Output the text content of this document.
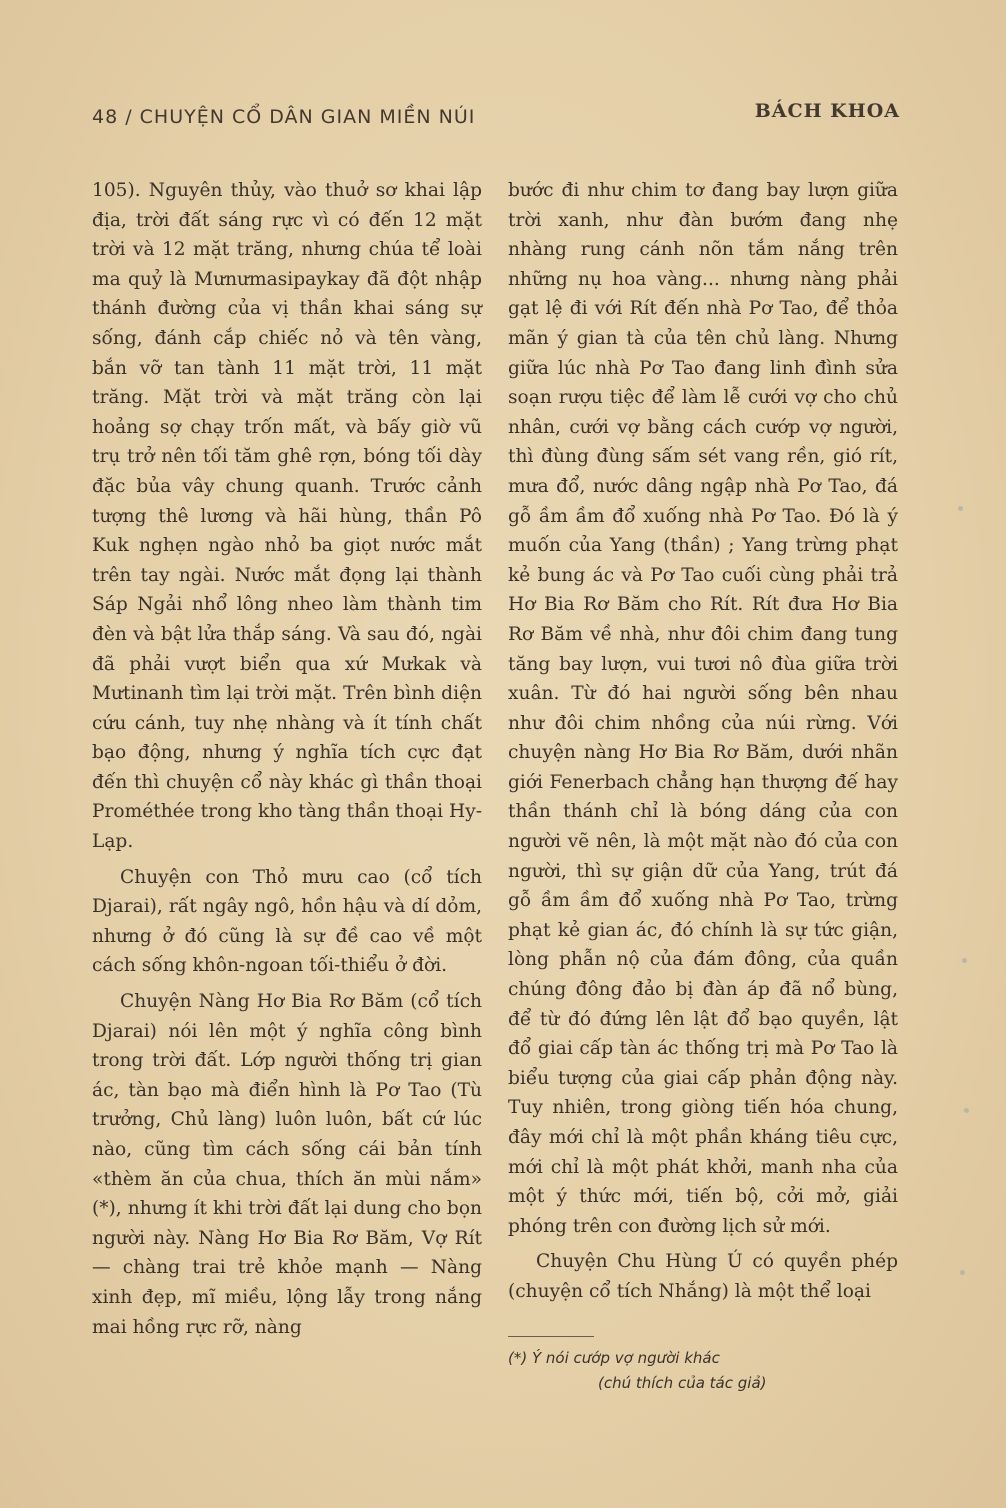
48 / CHUYỆN CỔ DÂN GIAN MIỀN NÚI	BÁCH KHOA

105). Nguyên thủy, vào thuở sơ khai lập địa, trời đất sáng rực vì có đến 12 mặt trời và 12 mặt trăng, nhưng chúa tể loài ma quỷ là Mưnưmasipaykay đã đột nhập thánh đường của vị thần khai sáng sự sống, đánh cắp chiếc nỏ và tên vàng, bắn vỡ tan tành 11 mặt trời, 11 mặt trăng. Mặt trời và mặt trăng còn lại hoảng sợ chạy trốn mất, và bấy giờ vũ trụ trở nên tối tăm ghê rợn, bóng tối dày đặc bủa vây chung quanh. Trước cảnh tượng thê lương và hãi hùng, thần Pô Kuk nghẹn ngào nhỏ ba giọt nước mắt trên tay ngài. Nước mắt đọng lại thành Sáp Ngải nhổ lông nheo làm thành tim đèn và bật lửa thắp sáng. Và sau đó, ngài đã phải vượt biển qua xứ Mưkak và Mưtinanh tìm lại trời mặt. Trên bình diện cứu cánh, tuy nhẹ nhàng và ít tính chất bạo động, nhưng ý nghĩa tích cực đạt đến thì chuyện cổ này khác gì thần thoại Prométhée trong kho tàng thần thoại Hy-Lạp.

Chuyện con Thỏ mưu cao (cổ tích Djarai), rất ngây ngô, hồn hậu và dí dỏm, nhưng ở đó cũng là sự đề cao về một cách sống khôn-ngoan tối-thiểu ở đời.

Chuyện Nàng Hơ Bia Rơ Băm (cổ tích Djarai) nói lên một ý nghĩa công bình trong trời đất. Lớp người thống trị gian ác, tàn bạo mà điển hình là Pơ Tao (Tù trưởng, Chủ làng) luôn luôn, bất cứ lúc nào, cũng tìm cách sống cái bản tính «thèm ăn của chua, thích ăn mùi nắm» (*), nhưng ít khi trời đất lại dung cho bọn người này. Nàng Hơ Bia Rơ Băm, Vợ Rít — chàng trai trẻ khỏe mạnh — Nàng xinh đẹp, mĩ miều, lộng lẫy trong nắng mai hồng rực rỡ, nàng

bước đi như chim tơ đang bay lượn giữa trời xanh, như đàn bướm đang nhẹ nhàng rung cánh nõn tắm nắng trên những nụ hoa vàng... nhưng nàng phải gạt lệ đi với Rít đến nhà Pơ Tao, để thỏa mãn ý gian tà của tên chủ làng. Nhưng giữa lúc nhà Pơ Tao đang linh đình sửa soạn rượu tiệc để làm lễ cưới vợ cho chủ nhân, cưới vợ bằng cách cướp vợ người, thì đùng đùng sấm sét vang rền, gió rít, mưa đổ, nước dâng ngập nhà Pơ Tao, đá gỗ ầm ầm đổ xuống nhà Pơ Tao. Đó là ý muốn của Yang (thần) ; Yang trừng phạt kẻ bung ác và Pơ Tao cuối cùng phải trả Hơ Bia Rơ Băm cho Rít. Rít đưa Hơ Bia Rơ Băm về nhà, như đôi chim đang tung tăng bay lượn, vui tươi nô đùa giữa trời xuân. Từ đó hai người sống bên nhau như đôi chim nhồng của núi rừng. Với chuyện nàng Hơ Bia Rơ Băm, dưới nhãn giới Fenerbach chẳng hạn thượng đế hay thần thánh chỉ là bóng dáng của con người vẽ nên, là một mặt nào đó của con người, thì sự giận dữ của Yang, trút đá gỗ ầm ầm đổ xuống nhà Pơ Tao, trừng phạt kẻ gian ác, đó chính là sự tức giận, lòng phẫn nộ của đám đông, của quần chúng đông đảo bị đàn áp đã nổ bùng, để từ đó đứng lên lật đổ bạo quyền, lật đổ giai cấp tàn ác thống trị mà Pơ Tao là biểu tượng của giai cấp phản động này. Tuy nhiên, trong giòng tiến hóa chung, đây mới chỉ là một phần kháng tiêu cực, mới chỉ là một phát khởi, manh nha của một ý thức mới, tiến bộ, cởi mở, giải phóng trên con đường lịch sử mới.

Chuyện Chu Hùng Ú có quyền phép (chuyện cổ tích Nhắng) là một thể loại

(*) Ý nói cướp vợ người khác
(chú thích của tác giả)
